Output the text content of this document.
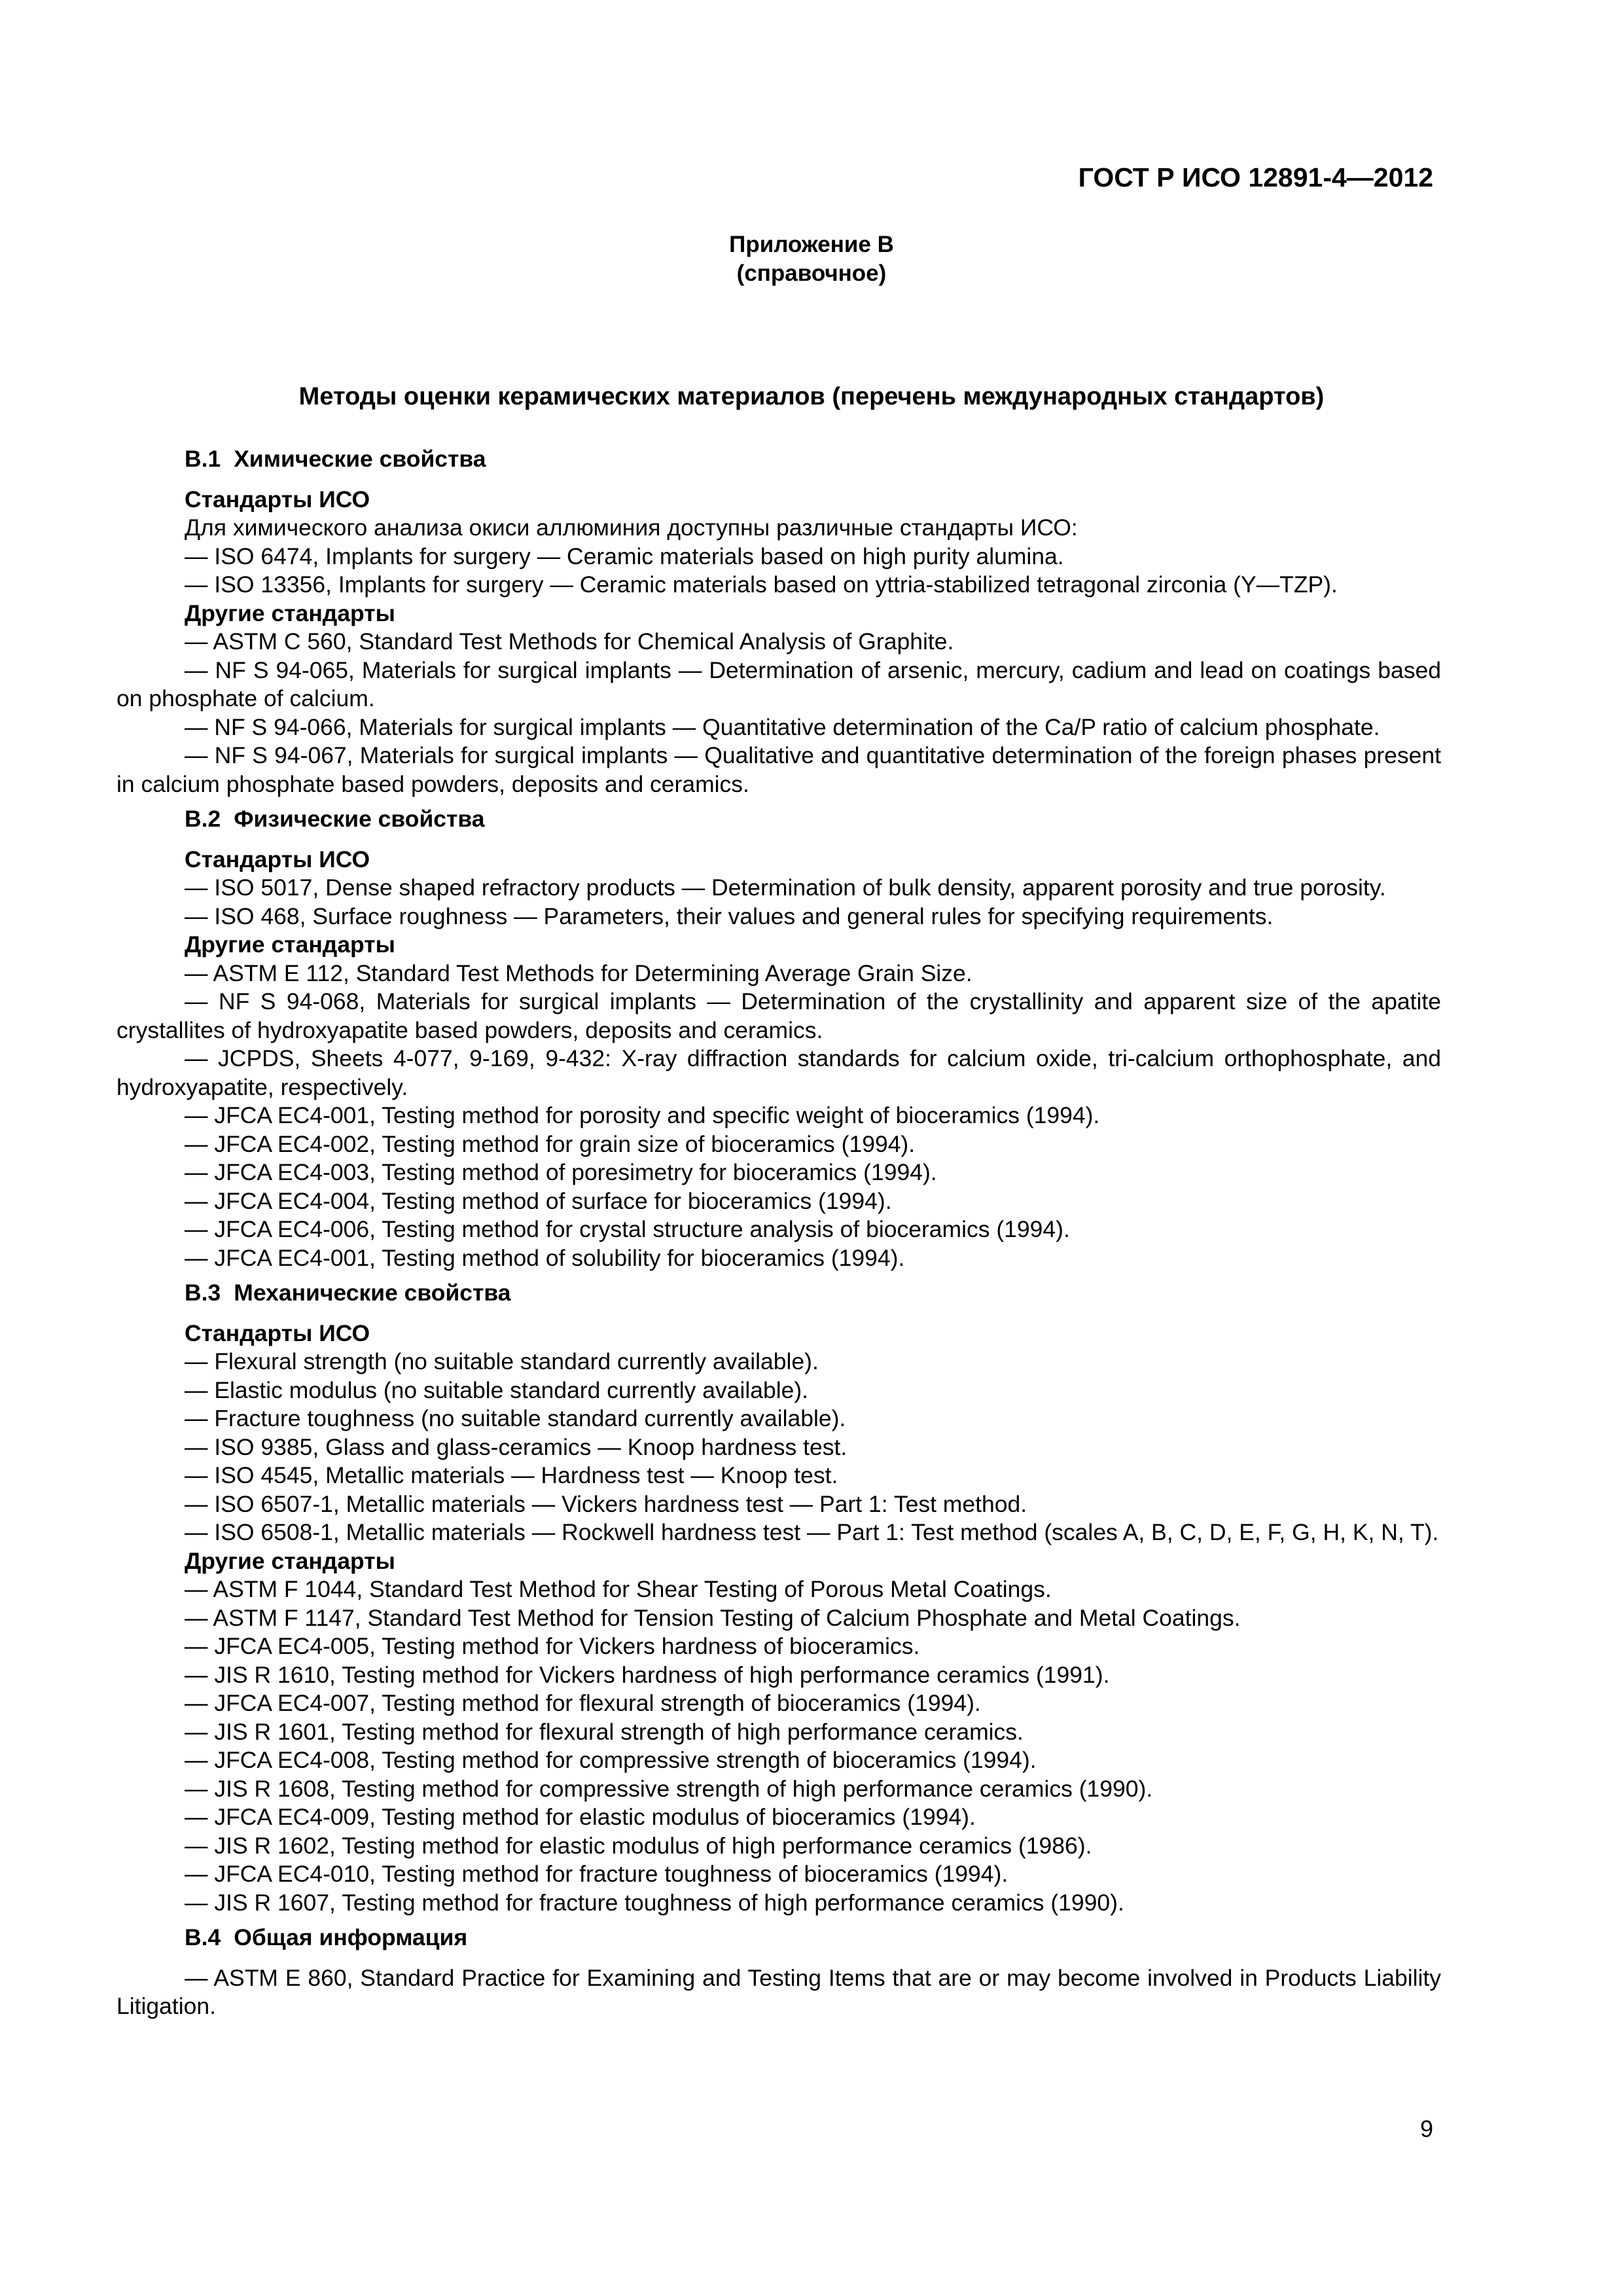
ГОСТ Р ИСО 12891-4—2012
Приложение В
(справочное)
Методы оценки керамических материалов (перечень международных стандартов)
В.1 Химические свойства
Стандарты ИСО
Для химического анализа окиси аллюминия доступны различные стандарты ИСО:
— ISO 6474, Implants for surgery — Ceramic materials based on high purity alumina.
— ISO 13356, Implants for surgery — Ceramic materials based on yttria-stabilized tetragonal zirconia (Y—TZP).
Другие стандарты
— ASTM C 560, Standard Test Methods for Chemical Analysis of Graphite.
— NF S 94-065, Materials for surgical implants — Determination of arsenic, mercury, cadium and lead on coatings based on phosphate of calcium.
— NF S 94-066, Materials for surgical implants — Quantitative determination of the Ca/P ratio of calcium phosphate.
— NF S 94-067, Materials for surgical implants — Qualitative and quantitative determination of the foreign phases present in calcium phosphate based powders, deposits and ceramics.
В.2 Физические свойства
Стандарты ИСО
— ISO 5017, Dense shaped refractory products — Determination of bulk density, apparent porosity and true porosity.
— ISO 468, Surface roughness — Parameters, their values and general rules for specifying requirements.
Другие стандарты
— ASTM E 112, Standard Test Methods for Determining Average Grain Size.
— NF S 94-068, Materials for surgical implants — Determination of the crystallinity and apparent size of the apatite crystallites of hydroxyapatite based powders, deposits and ceramics.
— JCPDS, Sheets 4-077, 9-169, 9-432: X-ray diffraction standards for calcium oxide, tri-calcium orthophosphate, and hydroxyapatite, respectively.
— JFCA EC4-001, Testing method for porosity and specific weight of bioceramics (1994).
— JFCA EC4-002, Testing method for grain size of bioceramics (1994).
— JFCA EC4-003, Testing method of poresimetry for bioceramics (1994).
— JFCA EC4-004, Testing method of surface for bioceramics (1994).
— JFCA EC4-006, Testing method for crystal structure analysis of bioceramics (1994).
— JFCA EC4-001, Testing method of solubility for bioceramics (1994).
В.3 Механические свойства
Стандарты ИСО
— Flexural strength (no suitable standard currently available).
— Elastic modulus (no suitable standard currently available).
— Fracture toughness (no suitable standard currently available).
— ISO 9385, Glass and glass-ceramics — Knoop hardness test.
— ISO 4545, Metallic materials — Hardness test — Knoop test.
— ISO 6507-1, Metallic materials — Vickers hardness test — Part 1: Test method.
— ISO 6508-1, Metallic materials — Rockwell hardness test — Part 1: Test method (scales A, B, C, D, E, F, G, H, K, N, T).
Другие стандарты
— ASTM F 1044, Standard Test Method for Shear Testing of Porous Metal Coatings.
— ASTM F 1147, Standard Test Method for Tension Testing of Calcium Phosphate and Metal Coatings.
— JFCA EC4-005, Testing method for Vickers hardness of bioceramics.
— JIS R 1610, Testing method for Vickers hardness of high performance ceramics (1991).
— JFCA EC4-007, Testing method for flexural strength of bioceramics (1994).
— JIS R 1601, Testing method for flexural strength of high performance ceramics.
— JFCA EC4-008, Testing method for compressive strength of bioceramics (1994).
— JIS R 1608, Testing method for compressive strength of high performance ceramics (1990).
— JFCA EC4-009, Testing method for elastic modulus of bioceramics (1994).
— JIS R 1602, Testing method for elastic modulus of high performance ceramics (1986).
— JFCA EC4-010, Testing method for fracture toughness of bioceramics (1994).
— JIS R 1607, Testing method for fracture toughness of high performance ceramics (1990).
В.4 Общая информация
— ASTM E 860, Standard Practice for Examining and Testing Items that are or may become involved in Products Liability Litigation.
9
